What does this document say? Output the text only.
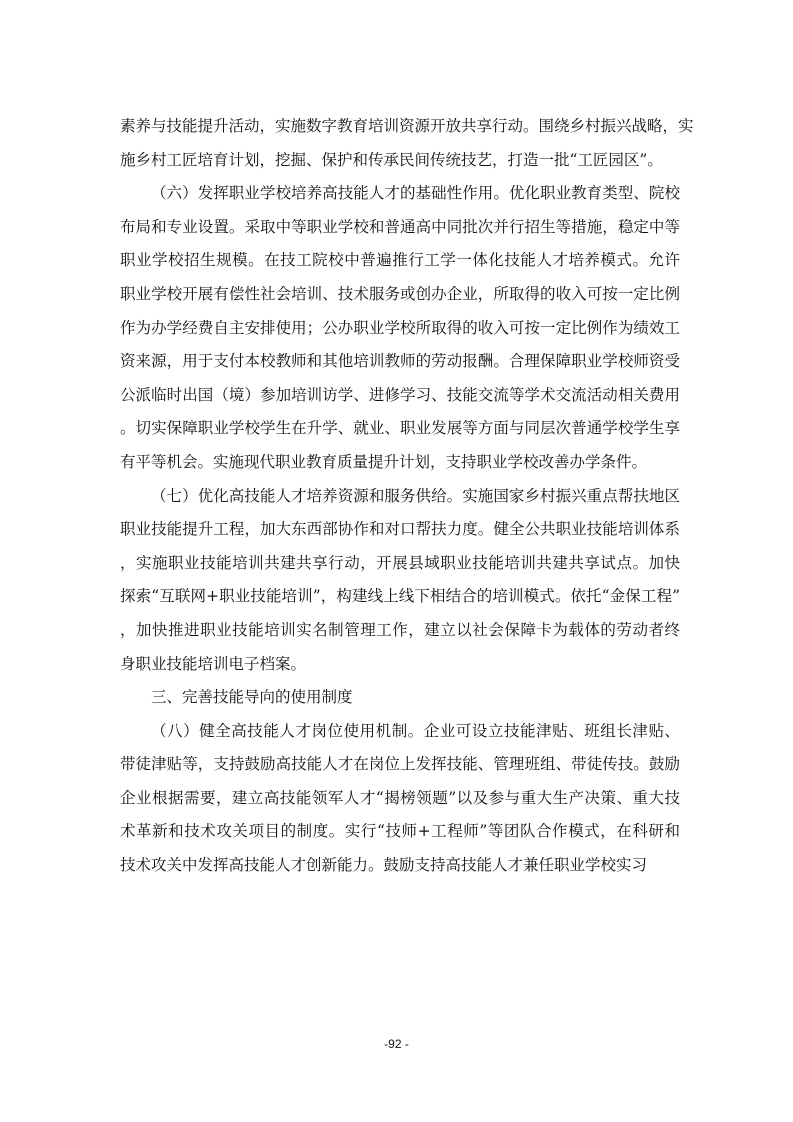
素养与技能提升活动，实施数字教育培训资源开放共享行动。围绕乡村振兴战略，实
施乡村工匠培育计划，挖掘、保护和传承民间传统技艺，打造一批“工匠园区”。
（六）发挥职业学校培养高技能人才的基础性作用。优化职业教育类型、院校
布局和专业设置。采取中等职业学校和普通高中同批次并行招生等措施，稳定中等
职业学校招生规模。在技工院校中普遍推行工学一体化技能人才培养模式。允许
职业学校开展有偿性社会培训、技术服务或创办企业，所取得的收入可按一定比例
作为办学经费自主安排使用；公办职业学校所取得的收入可按一定比例作为绩效工
资来源，用于支付本校教师和其他培训教师的劳动报酬。合理保障职业学校师资受
公派临时出国（境）参加培训访学、进修学习、技能交流等学术交流活动相关费用
。切实保障职业学校学生在升学、就业、职业发展等方面与同层次普通学校学生享
有平等机会。实施现代职业教育质量提升计划，支持职业学校改善办学条件。
（七）优化高技能人才培养资源和服务供给。实施国家乡村振兴重点帮扶地区
职业技能提升工程，加大东西部协作和对口帮扶力度。健全公共职业技能培训体系
，实施职业技能培训共建共享行动，开展县域职业技能培训共建共享试点。加快
探索“互联网+职业技能培训”，构建线上线下相结合的培训模式。依托“金保工程”
，加快推进职业技能培训实名制管理工作，建立以社会保障卡为载体的劳动者终
身职业技能培训电子档案。
三、完善技能导向的使用制度
（八）健全高技能人才岗位使用机制。企业可设立技能津贴、班组长津贴、
带徒津贴等，支持鼓励高技能人才在岗位上发挥技能、管理班组、带徒传技。鼓励
企业根据需要，建立高技能领军人才“揭榜领题”以及参与重大生产决策、重大技
术革新和技术攻关项目的制度。实行“技师+工程师”等团队合作模式，在科研和
技术攻关中发挥高技能人才创新能力。鼓励支持高技能人才兼任职业学校实习
-92 -
